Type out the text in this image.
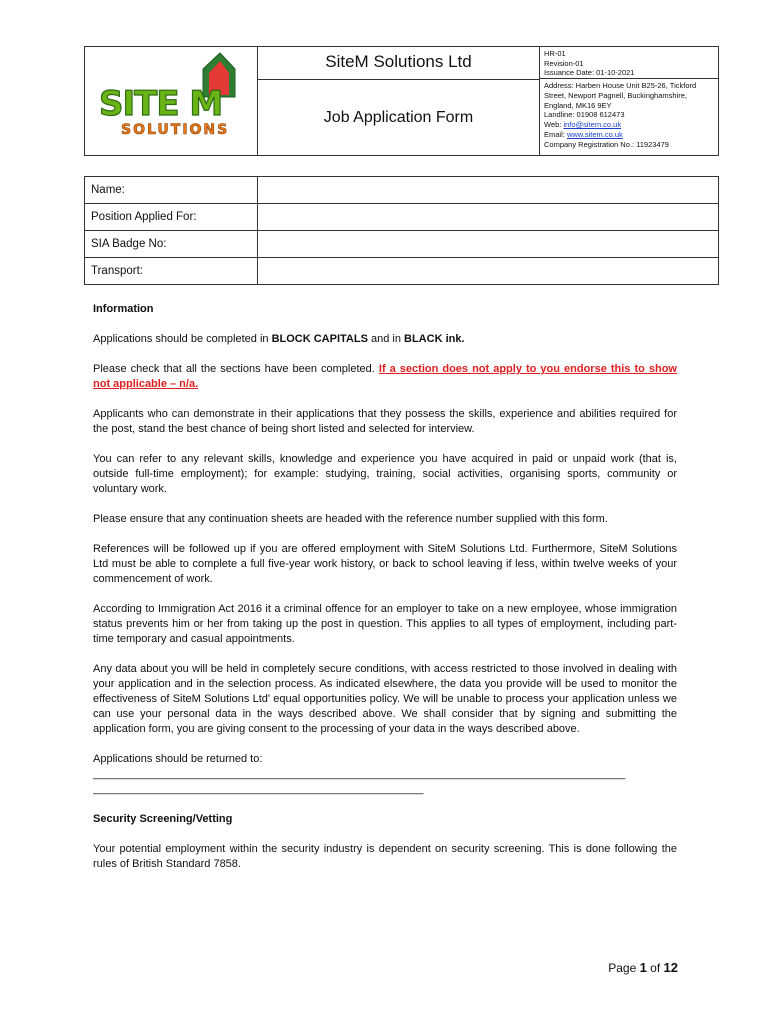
SITE M
SOLUTIONS
SiteM Solutions Ltd
Job Application Form
HR-01
Revision-01
Issuance Date: 01-10-2021
Address: Harben House Unit B25-26, Tickford
Street, Newport Pagnell, Buckinghamshire,
England, MK16 9EY
Landline: 01908 612473
Web: info@sitem.co.uk
Email: www.sitem.co.uk
Company Registration No.: 11923479
Name:	
Position Applied For:	
SIA Badge No:	
Transport:	
Information

Applications should be completed in BLOCK CAPITALS and in BLACK ink.

Please check that all the sections have been completed. If a section does not apply to you endorse this to show not applicable – n/a.

Applicants who can demonstrate in their applications that they possess the skills, experience and abilities required for the post, stand the best chance of being short listed and selected for interview.

You can refer to any relevant skills, knowledge and experience you have acquired in paid or unpaid work (that is, outside full-time employment); for example: studying, training, social activities, organising sports, community or voluntary work.

Please ensure that any continuation sheets are headed with the reference number supplied with this form.

References will be followed up if you are offered employment with SiteM Solutions Ltd. Furthermore, SiteM Solutions Ltd must be able to complete a full five-year work history, or back to school leaving if less, within twelve weeks of your commencement of work.

According to Immigration Act 2016 it a criminal offence for an employer to take on a new employee, whose immigration status prevents him or her from taking up the post in question. This applies to all types of employment, including part-time temporary and casual appointments.

Any data about you will be held in completely secure conditions, with access restricted to those involved in dealing with your application and in the selection process. As indicated elsewhere, the data you provide will be used to monitor the effectiveness of SiteM Solutions Ltd' equal opportunities policy. We will be unable to process your application unless we can use your personal data in the ways described above. We shall consider that by signing and submitting the application form, you are giving consent to the processing of your data in the ways described above.

Applications should be returned to:

_______________________________________________________________________________________
______________________________________________________
Security Screening/Vetting

Your potential employment within the security industry is dependent on security screening. This is done following the rules of British Standard 7858.

Page 1 of 12
